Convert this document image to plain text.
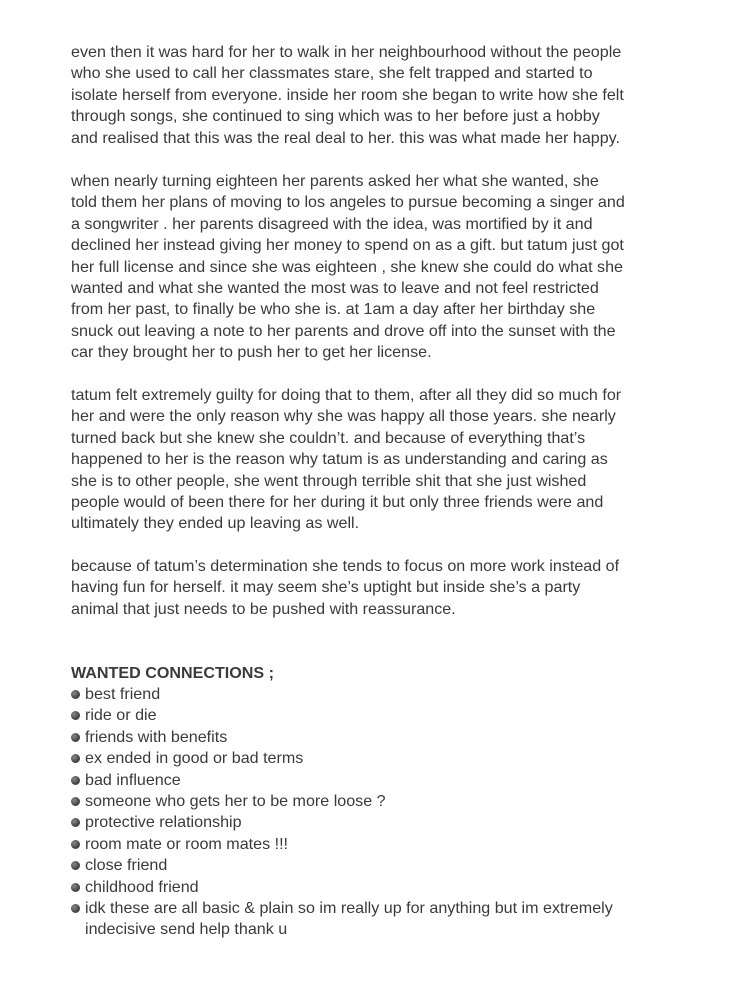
even then it was hard for her to walk in her neighbourhood without the people
who she used to call her classmates stare, she felt trapped and started to
isolate herself from everyone. inside her room she began to write how she felt
through songs, she continued to sing which was to her before just a hobby
and realised that this was the real deal to her. this was what made her happy.

when nearly turning eighteen her parents asked her what she wanted, she
told them her plans of moving to los angeles to pursue becoming a singer and
a songwriter . her parents disagreed with the idea, was mortified by it and
declined her instead giving her money to spend on as a gift. but tatum just got
her full license and since she was eighteen , she knew she could do what she
wanted and what she wanted the most was to leave and not feel restricted
from her past, to finally be who she is. at 1am a day after her birthday she
snuck out leaving a note to her parents and drove off into the sunset with the
car they brought her to push her to get her license.

tatum felt extremely guilty for doing that to them, after all they did so much for
her and were the only reason why she was happy all those years. she nearly
turned back but she knew she couldn’t. and because of everything that’s
happened to her is the reason why tatum is as understanding and caring as
she is to other people, she went through terrible shit that she just wished
people would of been there for her during it but only three friends were and
ultimately they ended up leaving as well.

because of tatum’s determination she tends to focus on more work instead of
having fun for herself. it may seem she’s uptight but inside she’s a party
animal that just needs to be pushed with reassurance.

WANTED CONNECTIONS ;
best friend
ride or die
friends with benefits
ex ended in good or bad terms
bad influence
someone who gets her to be more loose ?
protective relationship
room mate or room mates !!!
close friend
childhood friend
idk these are all basic & plain so im really up for anything but im extremely
indecisive send help thank u
